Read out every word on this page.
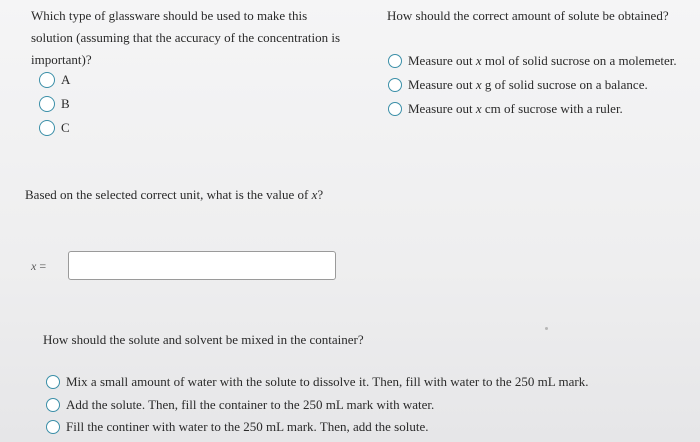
Which type of glassware should be used to make this solution (assuming that the accuracy of the concentration is important)?
A
B
C
How should the correct amount of solute be obtained?
Measure out x mol of solid sucrose on a molemeter.
Measure out x g of solid sucrose on a balance.
Measure out x cm of sucrose with a ruler.
Based on the selected correct unit, what is the value of x?
x =
How should the solute and solvent be mixed in the container?
Mix a small amount of water with the solute to dissolve it. Then, fill with water to the 250 mL mark.
Add the solute. Then, fill the container to the 250 mL mark with water.
Fill the continer with water to the 250 mL mark. Then, add the solute.
